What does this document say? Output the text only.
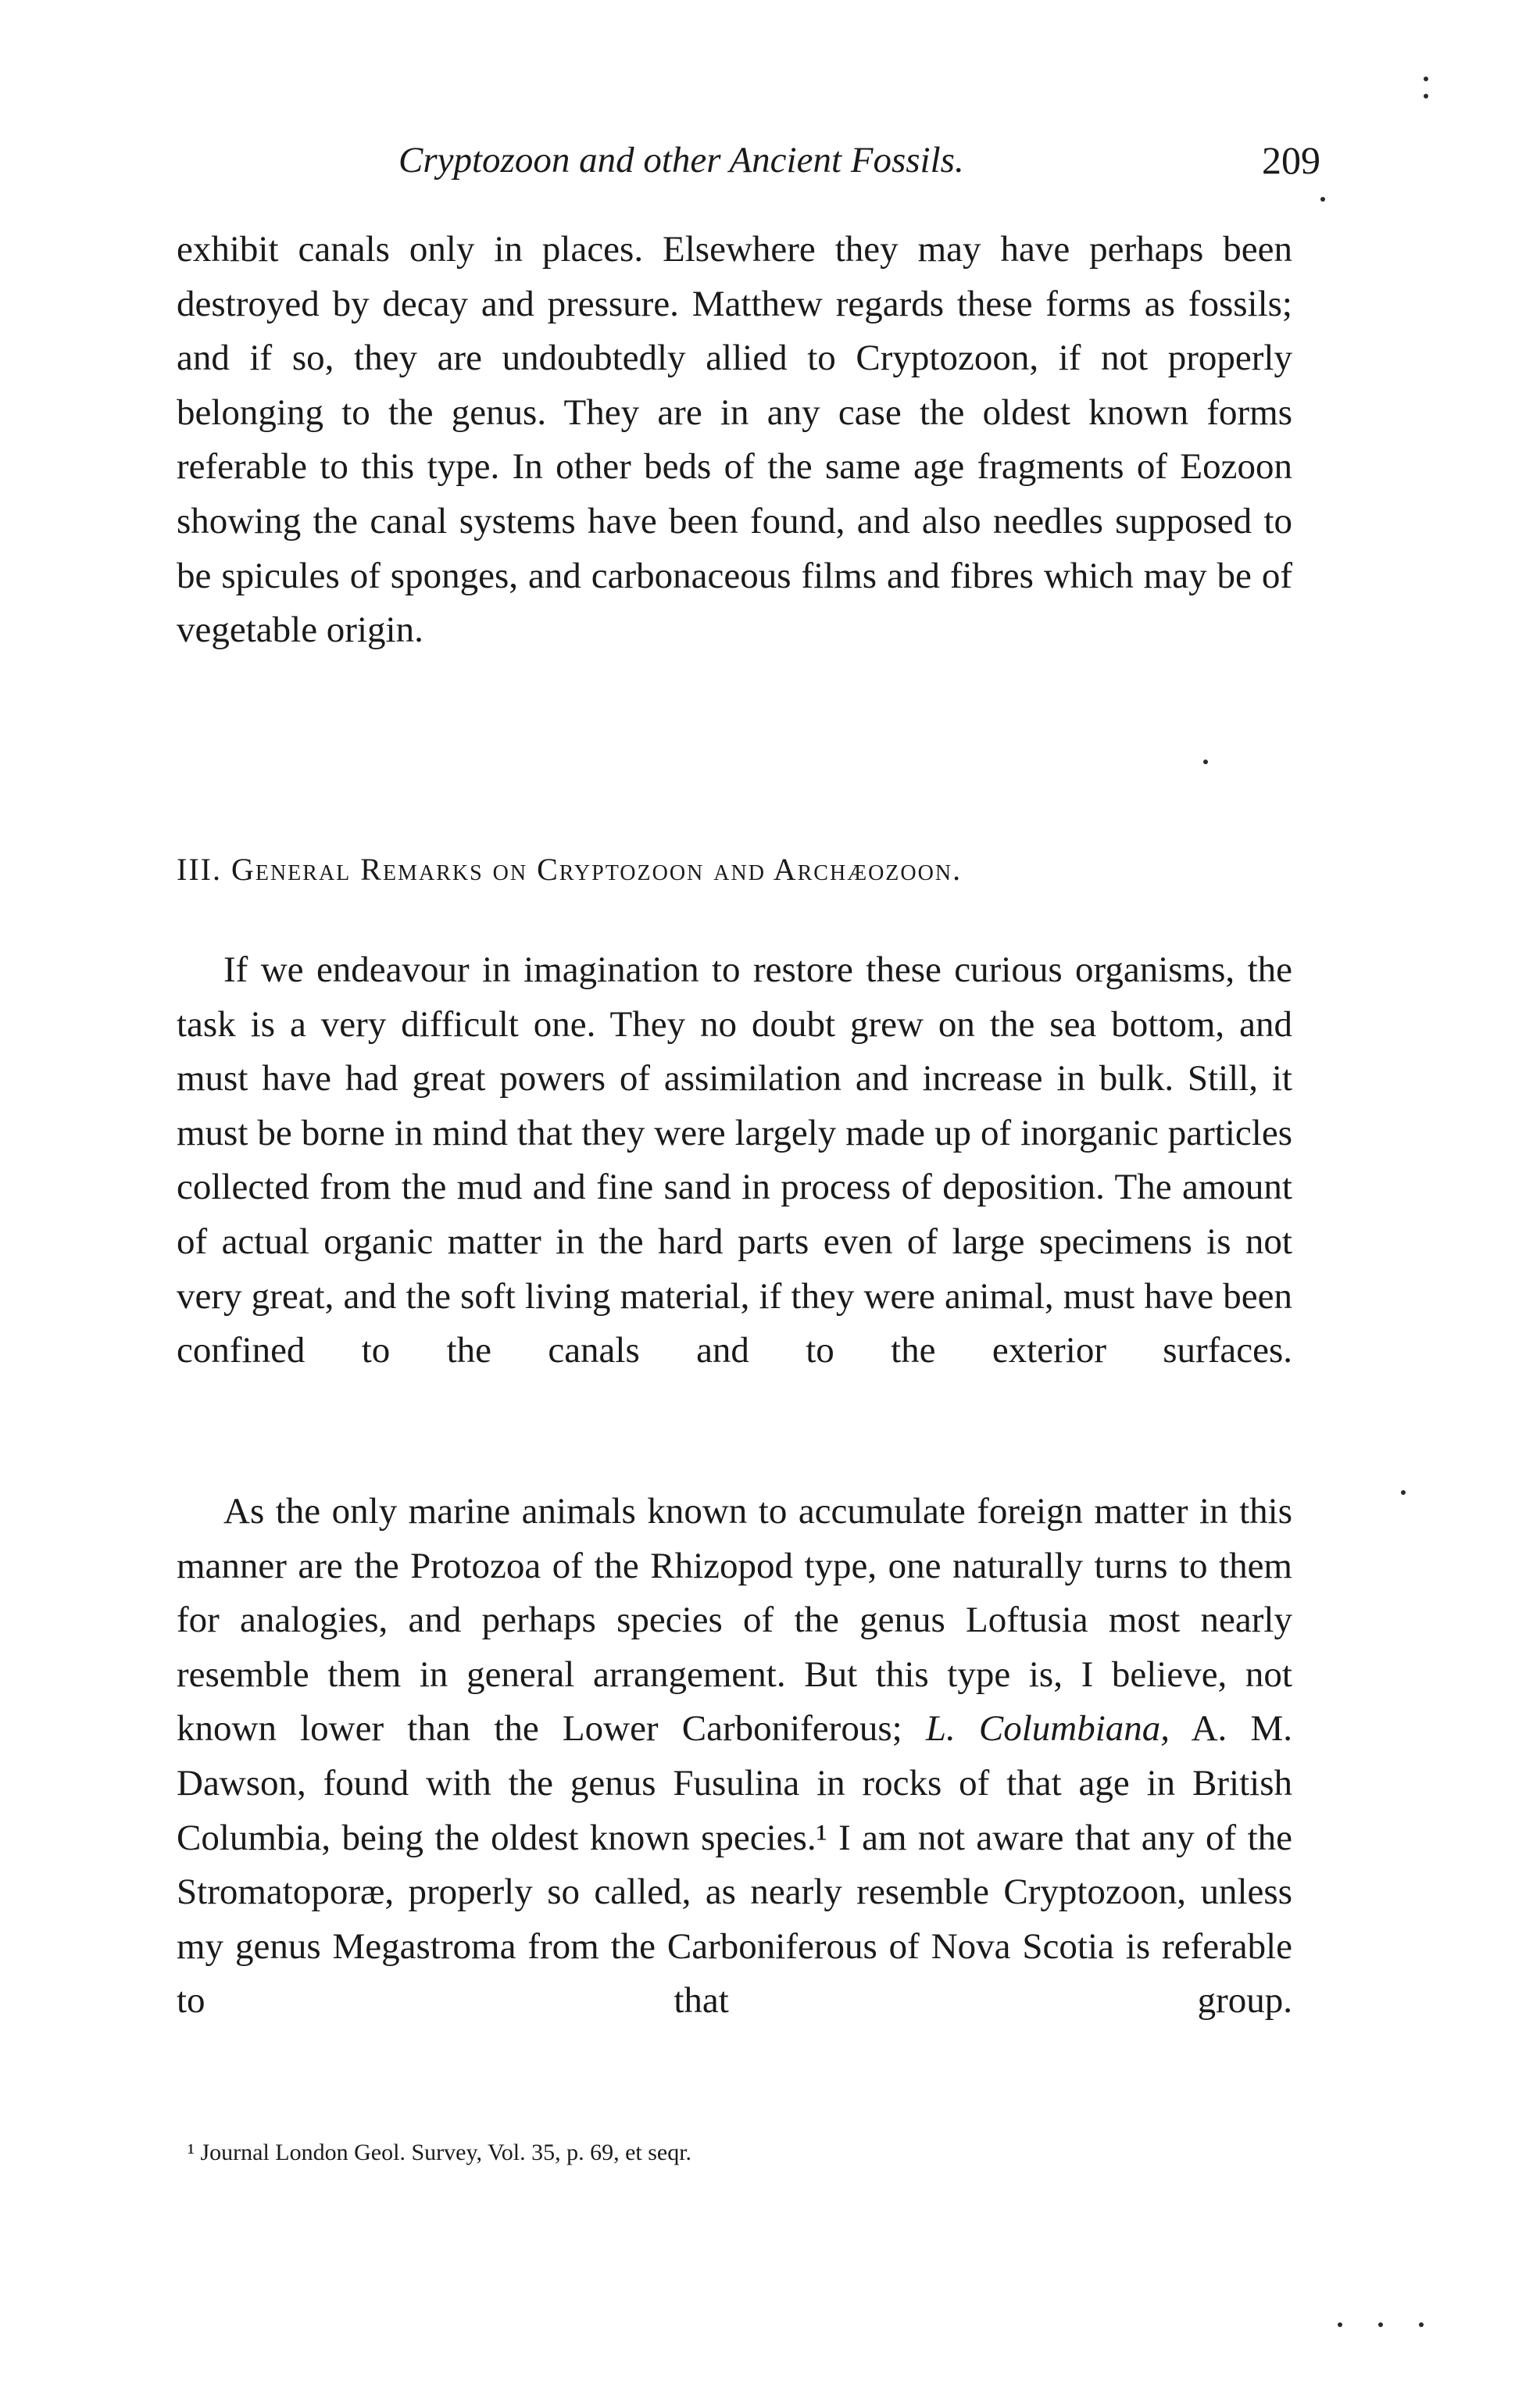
Cryptozoon and other Ancient Fossils.	209

exhibit canals only in places. Elsewhere they may have perhaps been destroyed by decay and pressure. Matthew regards these forms as fossils; and if so, they are undoubtedly allied to Cryptozoon, if not properly belonging to the genus. They are in any case the oldest known forms referable to this type. In other beds of the same age fragments of Eozoon showing the canal systems have been found, and also needles supposed to be spicules of sponges, and carbonaceous films and fibres which may be of vegetable origin.

III. General Remarks on Cryptozoon and Archæozoon.

If we endeavour in imagination to restore these curious organisms, the task is a very difficult one. They no doubt grew on the sea bottom, and must have had great powers of assimilation and increase in bulk. Still, it must be borne in mind that they were largely made up of inorganic particles collected from the mud and fine sand in process of deposition. The amount of actual organic matter in the hard parts even of large specimens is not very great, and the soft living material, if they were animal, must have been confined to the canals and to the exterior surfaces.

As the only marine animals known to accumulate foreign matter in this manner are the Protozoa of the Rhizopod type, one naturally turns to them for analogies, and perhaps species of the genus Loftusia most nearly resemble them in general arrangement. But this type is, I believe, not known lower than the Lower Carboniferous; L. Columbiana, A. M. Dawson, found with the genus Fusulina in rocks of that age in British Columbia, being the oldest known species.¹ I am not aware that any of the Stromatoporæ, properly so called, as nearly resemble Cryptozoon, unless my genus Megastroma from the Carboniferous of Nova Scotia is referable to that group.

¹ Journal London Geol. Survey, Vol. 35, p. 69, et seqr.
